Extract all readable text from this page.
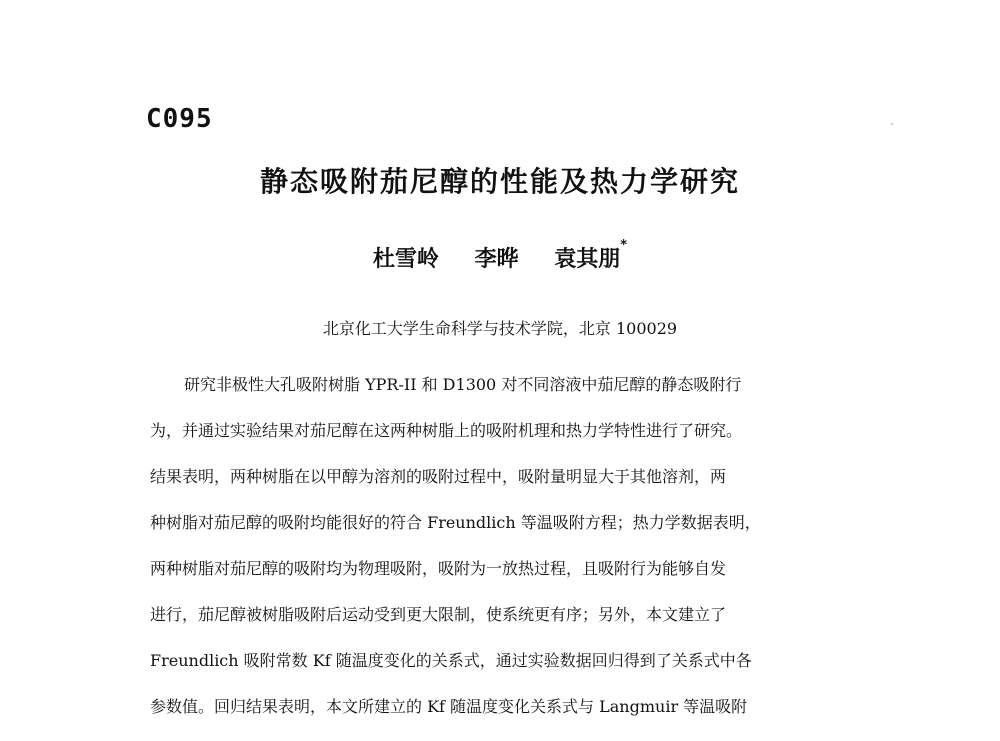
C095
静态吸附茄尼醇的性能及热力学研究
杜雪岭 李晔 袁其朋*
北京化工大学生命科学与技术学院，北京 100029
研究非极性大孔吸附树脂 YPR-II 和 D1300 对不同溶液中茄尼醇的静态吸附行
为，并通过实验结果对茄尼醇在这两种树脂上的吸附机理和热力学特性进行了研究。
结果表明，两种树脂在以甲醇为溶剂的吸附过程中，吸附量明显大于其他溶剂，两
种树脂对茄尼醇的吸附均能很好的符合 Freundlich 等温吸附方程；热力学数据表明，
两种树脂对茄尼醇的吸附均为物理吸附，吸附为一放热过程，且吸附行为能够自发
进行，茄尼醇被树脂吸附后运动受到更大限制，使系统更有序；另外，本文建立了
Freundlich 吸附常数 Kf 随温度变化的关系式，通过实验数据回归得到了关系式中各
参数值。回归结果表明，本文所建立的 Kf 随温度变化关系式与 Langmuir 等温吸附
